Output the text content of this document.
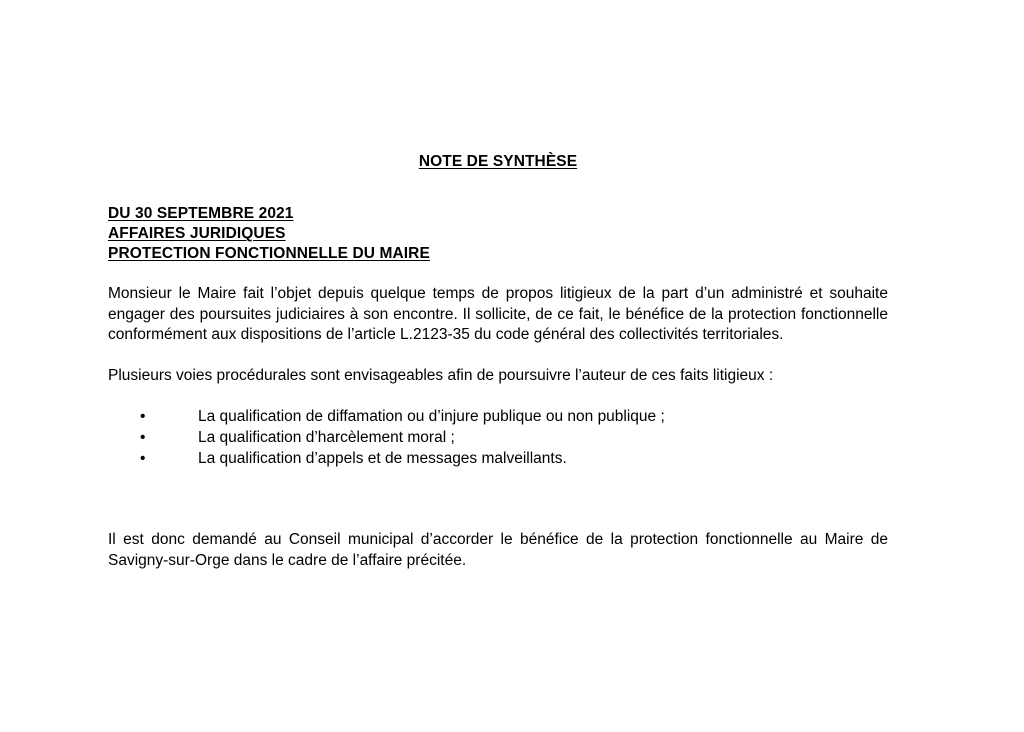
NOTE DE SYNTHÈSE
DU 30 SEPTEMBRE 2021
AFFAIRES JURIDIQUES
PROTECTION FONCTIONNELLE DU MAIRE

Monsieur le Maire fait l’objet depuis quelque temps de propos litigieux de la part d’un administré et souhaite engager des poursuites judiciaires à son encontre. Il sollicite, de ce fait, le bénéfice de la protection fonctionnelle conformément aux dispositions de l’article L.2123-35 du code général des collectivités territoriales.

Plusieurs voies procédurales sont envisageables afin de poursuivre l’auteur de ces faits litigieux :

•	La qualification de diffamation ou d’injure publique ou non publique ;
•	La qualification d’harcèlement moral ;
•	La qualification d’appels et de messages malveillants.

Il est donc demandé au Conseil municipal d’accorder le bénéfice de la protection fonctionnelle au Maire de Savigny-sur-Orge dans le cadre de l’affaire précitée.
